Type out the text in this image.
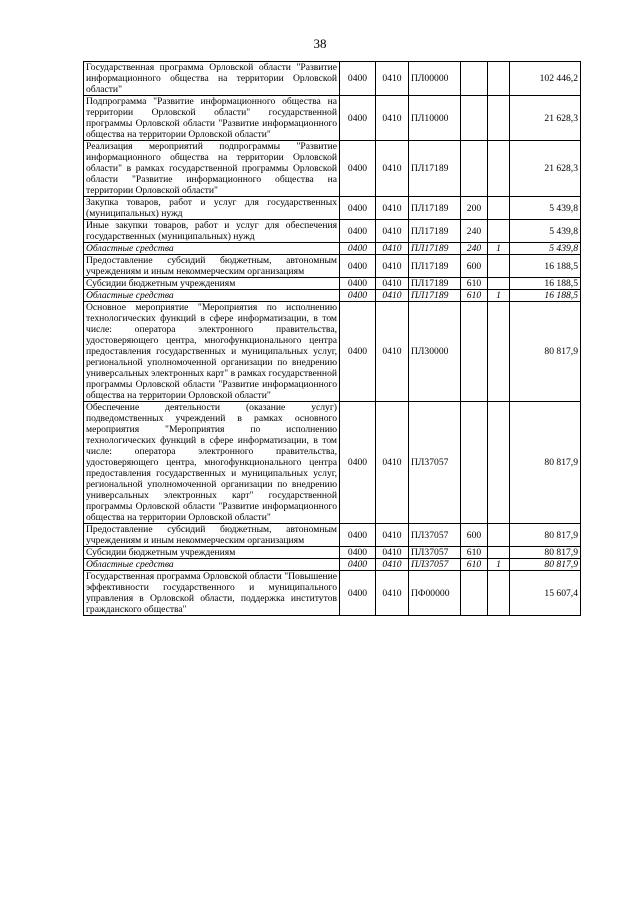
38
Государственная программа Орловской области "Развитие информационного общества на территории Орловской области"	0400	0410	ПЛ00000			102 446,2
Подпрограмма "Развитие информационного общества на территории Орловской области" государственной программы Орловской области "Развитие информационного общества на территории Орловской области"	0400	0410	ПЛ10000			21 628,3
Реализация мероприятий подпрограммы "Развитие информационного общества на территории Орловской области" в рамках государственной программы Орловской области "Развитие информационного общества на территории Орловской области"	0400	0410	ПЛ17189			21 628,3
Закупка товаров, работ и услуг для государственных (муниципальных) нужд	0400	0410	ПЛ17189	200		5 439,8
Иные закупки товаров, работ и услуг для обеспечения государственных (муниципальных) нужд	0400	0410	ПЛ17189	240		5 439,8
Областные средства	0400	0410	ПЛ17189	240	1	5 439,8
Предоставление субсидий бюджетным, автономным учреждениям и иным некоммерческим организациям	0400	0410	ПЛ17189	600		16 188,5
Субсидии бюджетным учреждениям	0400	0410	ПЛ17189	610		16 188,5
Областные средства	0400	0410	ПЛ17189	610	1	16 188,5
Основное мероприятие "Мероприятия по исполнению технологических функций в сфере информатизации, в том числе: оператора электронного правительства, удостоверяющего центра, многофункционального центра предоставления государственных и муниципальных услуг, региональной уполномоченной организации по внедрению универсальных электронных карт" в рамках государственной программы Орловской области "Развитие информационного общества на территории Орловской области"	0400	0410	ПЛ30000			80 817,9
Обеспечение деятельности (оказание услуг) подведомственных учреждений в рамках основного мероприятия "Мероприятия по исполнению технологических функций в сфере информатизации, в том числе: оператора электронного правительства, удостоверяющего центра, многофункционального центра предоставления государственных и муниципальных услуг, региональной уполномоченной организации по внедрению универсальных электронных карт" государственной программы Орловской области "Развитие информационного общества на территории Орловской области"	0400	0410	ПЛ37057			80 817,9
Предоставление субсидий бюджетным, автономным учреждениям и иным некоммерческим организациям	0400	0410	ПЛ37057	600		80 817,9
Субсидии бюджетным учреждениям	0400	0410	ПЛ37057	610		80 817,9
Областные средства	0400	0410	ПЛ37057	610	1	80 817,9
Государственная программа Орловской области "Повышение эффективности государственного и муниципального управления в Орловской области, поддержка институтов гражданского общества"	0400	0410	ПФ00000			15 607,4
